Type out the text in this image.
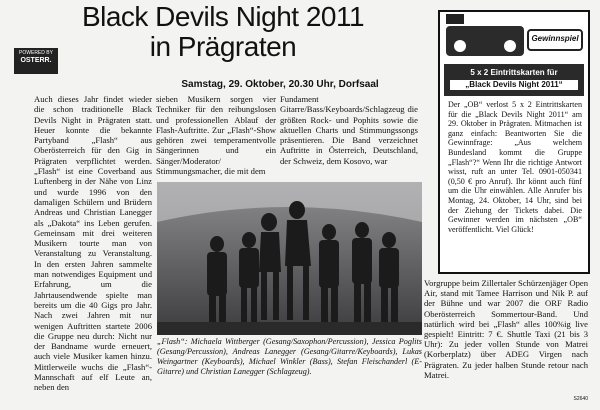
Black Devils Night 2011
in Prägraten
POWERED BY
OSTERR.
Samstag, 29. Oktober, 20.30 Uhr, Dorfsaal
Auch dieses Jahr findet wieder die schon traditionelle Black Devils Night in Prägraten statt. Heuer konnte die bekannte Partyband „Flash“ aus Oberösterreich für den Gig in Prägraten verpflichtet werden. „Flash“ ist eine Coverband aus Luftenberg in der Nähe von Linz und wurde 1996 von den damaligen Schülern und Brüdern Andreas und Christian Lanegger als „Dakota“ ins Leben gerufen. Gemeinsam mit drei weiteren Musikern tourte man von Veranstaltung zu Veranstaltung. In den ersten Jahren sammelte man notwendiges Equipment und Erfahrung, um die Jahrtausendwende spielte man bereits um die 40 Gigs pro Jahr. Nach zwei Jahren mit nur wenigen Auftritten startete 2006 die Gruppe neu durch: Nicht nur der Bandname wurde erneuert, auch viele Musiker kamen hinzu. Mittlerweile wuchs die „Flash“-Mannschaft auf elf Leute an, neben den
sieben Musikern sorgen vier Techniker für den reibungslosen und professionellen Ablauf der Flash-Auftritte. Zur „Flash“-Show gehören zwei temperamentvolle Sängerinnen und ein Sänger/Moderator/ Stimmungsmacher, die mit dem
Fundament Gitarre/Bass/Keyboards/Schlagzeug die größten Rock- und Pophits sowie die aktuellen Charts und Stimmungssongs präsentieren. Die Band verzeichnet Auftritte in Österreich, Deutschland, der Schweiz, dem Kosovo, war
„Flash“: Michaela Wittberger (Gesang/Saxophon/Percussion), Jessica Poglits (Gesang/Percussion), Andreas Lanegger (Gesang/Gitarre/Keyboards), Lukas Weingartner (Keyboards), Michael Winkler (Bass), Stefan Fleischanderl (E-Gitarre) und Christian Lanegger (Schlagzeug).
Gewinnspiel
5 x 2 Eintrittskarten für
„Black Devils Night 2011“
Der „OB“ verlost 5 x 2 Eintrittskarten für die „Black Devils Night 2011“ am 29. Oktober in Prägraten. Mitmachen ist ganz einfach: Beantworten Sie die Gewinnfrage: „Aus welchem Bundesland kommt die Gruppe „Flash“?“ Wenn Ihr die richtige Antwort wisst, ruft an unter Tel. 0901-050341 (0,50 € pro Anruf). Ihr könnt auch fünf um die Uhr einwählen. Alle Anrufer bis Montag, 24. Oktober, 14 Uhr, sind bei der Ziehung der Tickets dabei. Die Gewinner werden im nächsten „OB“ veröffentlicht. Viel Glück!
Vorgruppe beim Zillertaler Schürzenjäger Open Air, stand mit Tamee Harrison und Nik P. auf der Bühne und war 2007 die ORF Radio Oberösterreich Sommertour-Band. Und natürlich wird bei „Flash“ alles 100%ig live gespielt! Eintritt: 7 €. Shuttle Taxi (21 bis 3 Uhr): Zu jeder vollen Stunde von Matrei (Korberplatz) über ADEG Virgen nach Prägraten. Zu jeder halben Stunde retour nach Matrei.
S2640
